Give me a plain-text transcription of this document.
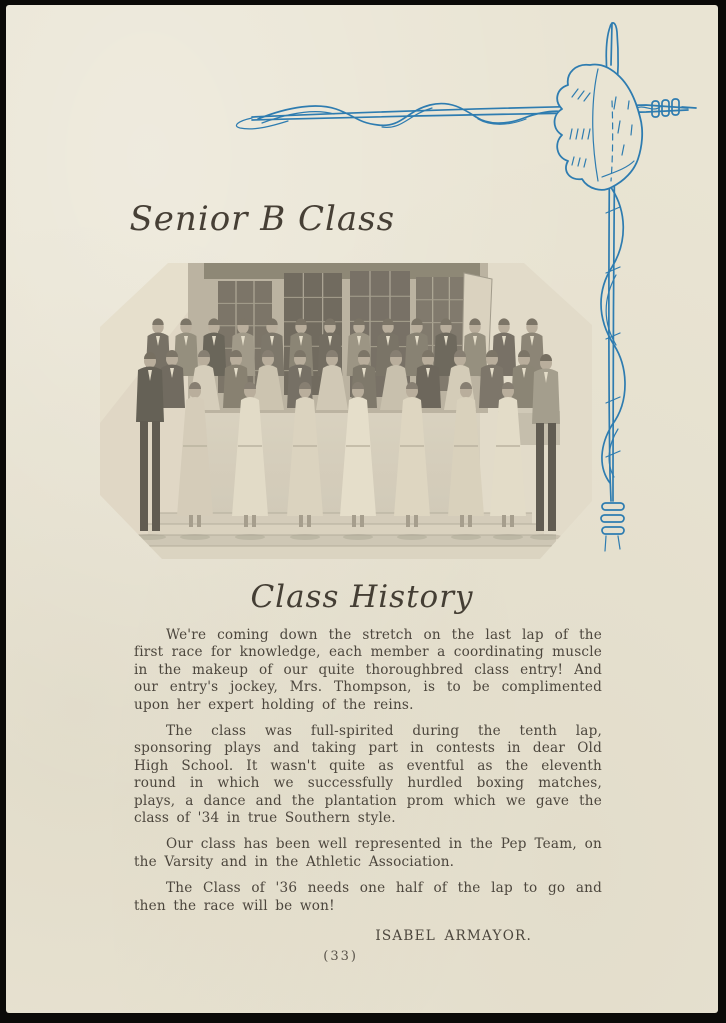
Senior B Class
Class History

We're coming down the stretch on the last lap of the first race for knowledge, each member a coordinating muscle in the makeup of our quite thoroughbred class entry! And our entry's jockey, Mrs. Thompson, is to be complimented upon her expert holding of the reins.

The class was full-spirited during the tenth lap, sponsoring plays and taking part in contests in dear Old High School. It wasn't quite as eventful as the eleventh round in which we successfully hurdled boxing matches, plays, a dance and the plantation prom which we gave the class of '34 in true Southern style.

Our class has been well represented in the Pep Team, on the Varsity and in the Athletic Association.

The Class of '36 needs one half of the lap to go and then the race will be won!

ISABEL ARMAYOR.

(33)
